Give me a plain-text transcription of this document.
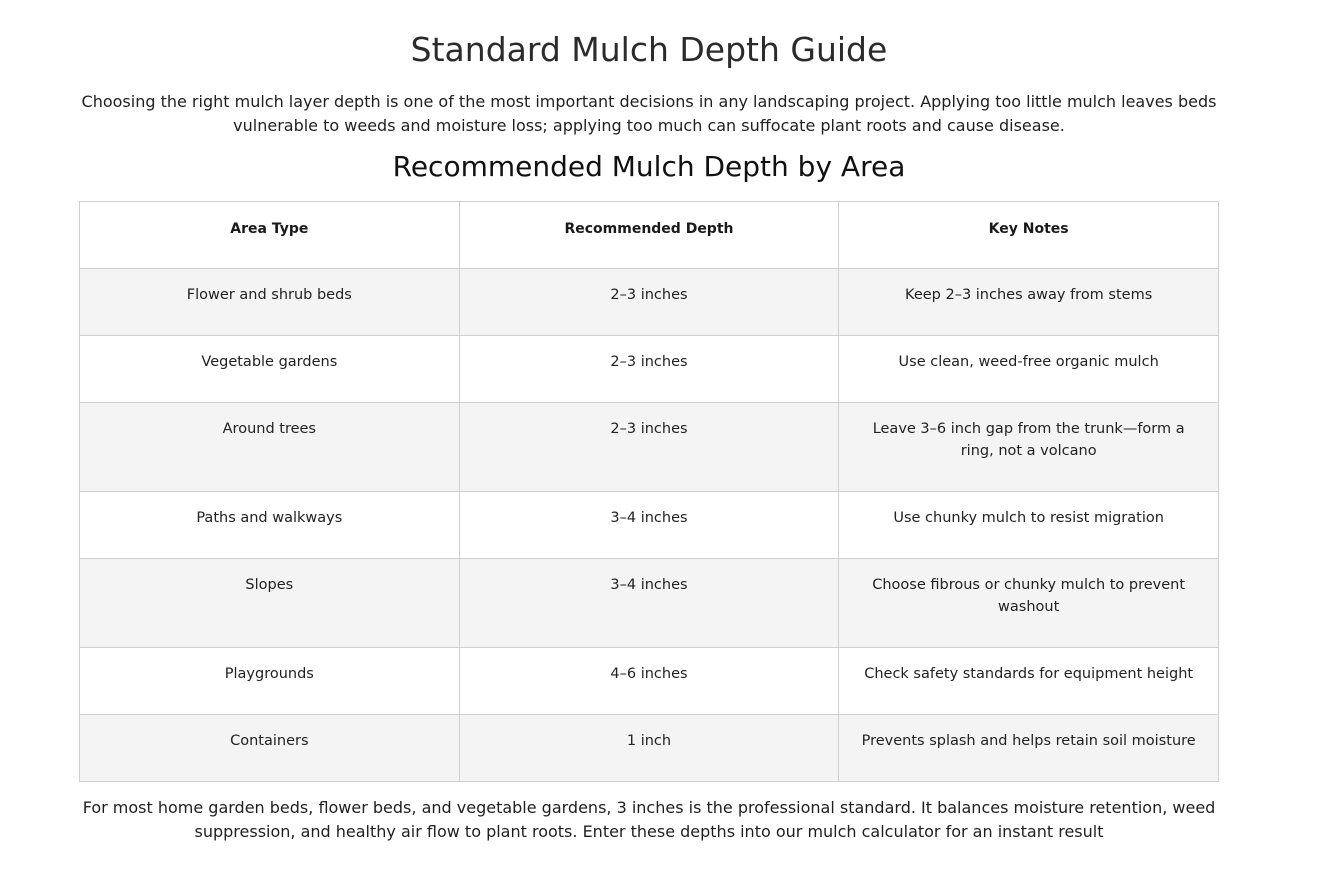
Standard Mulch Depth Guide

Choosing the right mulch layer depth is one of the most important decisions in any landscaping project. Applying too little mulch leaves beds vulnerable to weeds and moisture loss; applying too much can suffocate plant roots and cause disease.

Recommended Mulch Depth by Area
Area Type	Recommended Depth	Key Notes
Flower and shrub beds	2–3 inches	Keep 2–3 inches away from stems
Vegetable gardens	2–3 inches	Use clean, weed-free organic mulch
Around trees	2–3 inches	Leave 3–6 inch gap from the trunk—form a ring, not a volcano
Paths and walkways	3–4 inches	Use chunky mulch to resist migration
Slopes	3–4 inches	Choose fibrous or chunky mulch to prevent washout
Playgrounds	4–6 inches	Check safety standards for equipment height
Containers	1 inch	Prevents splash and helps retain soil moisture

For most home garden beds, flower beds, and vegetable gardens, 3 inches is the professional standard. It balances moisture retention, weed suppression, and healthy air flow to plant roots. Enter these depths into our mulch calculator for an instant result
